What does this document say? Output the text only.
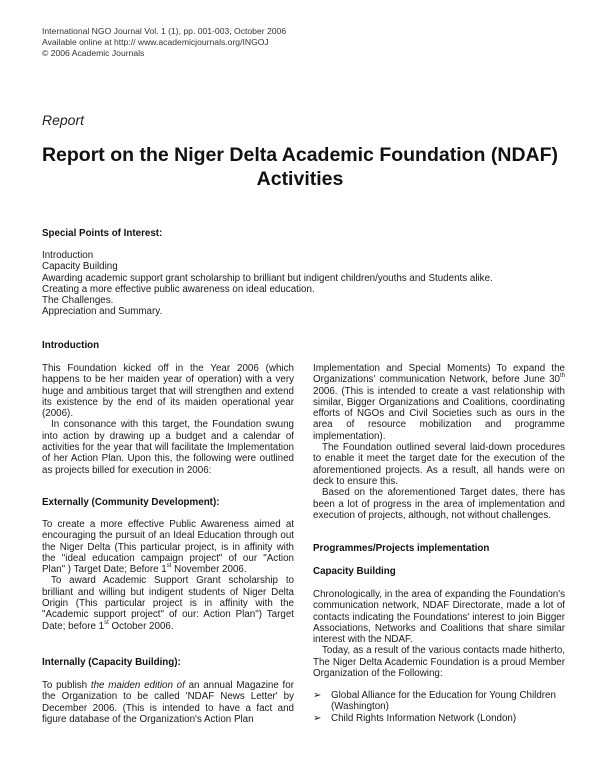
International NGO Journal Vol. 1 (1), pp. 001-003, October 2006
Available online at http:// www.academicjournals.org/INGOJ
© 2006 Academic Journals
Report
Report on the Niger Delta Academic Foundation (NDAF)
Activities
Special Points of Interest:
Introduction
Capacity Building
Awarding academic support grant scholarship to brilliant but indigent children/youths and Students alike.
Creating a more effective public awareness on ideal education.
The Challenges.
Appreciation and Summary.
Introduction

This Foundation kicked off in the Year 2006 (which happens to be her maiden year of operation) with a very huge and ambitious target that will strengthen and extend its existence by the end of its maiden operational year (2006).

In consonance with this target, the Foundation swung into action by drawing up a budget and a calendar of activities for the year that will facilitate the Implementation of her Action Plan. Upon this, the following were outlined as projects billed for execution in 2006:

Externally (Community Development):

To create a more effective Public Awareness aimed at encouraging the pursuit of an Ideal Education through out the Niger Delta (This particular project, is in affinity with the "ideal education campaign project" of our "Action Plan" ) Target Date; Before 1st November 2006.

To award Academic Support Grant scholarship to brilliant and willing but indigent students of Niger Delta Origin (This particular project is in affinity with the "Academic support project" of our: Action Plan") Target Date; before 1st October 2006.

Internally (Capacity Building):

To publish the maiden edition of an annual Magazine for the Organization to be called 'NDAF News Letter' by December 2006. (This is intended to have a fact and figure database of the Organization's Action Plan

Implementation and Special Moments) To expand the Organizations' communication Network, before June 30th 2006. (This is intended to create a vast relationship with similar, Bigger Organizations and Coalitions, coordinating efforts of NGOs and Civil Societies such as ours in the area of resource mobilization and programme implementation).

The Foundation outlined several laid-down procedures to enable it meet the target date for the execution of the aforementioned projects. As a result, all hands were on deck to ensure this.

Based on the aforementioned Target dates, there has been a lot of progress in the area of implementation and execution of projects, although, not without challenges.

Programmes/Projects implementation
Capacity Building

Chronologically, in the area of expanding the Foundation's communication network, NDAF Directorate, made a lot of contacts indicating the Foundations' interest to join Bigger Associations, Networks and Coalitions that share similar interest with the NDAF.

Today, as a result of the various contacts made hitherto, The Niger Delta Academic Foundation is a proud Member Organization of the Following:

➢ Global Alliance for the Education for Young Children (Washington)
➢ Child Rights Information Network (London)
